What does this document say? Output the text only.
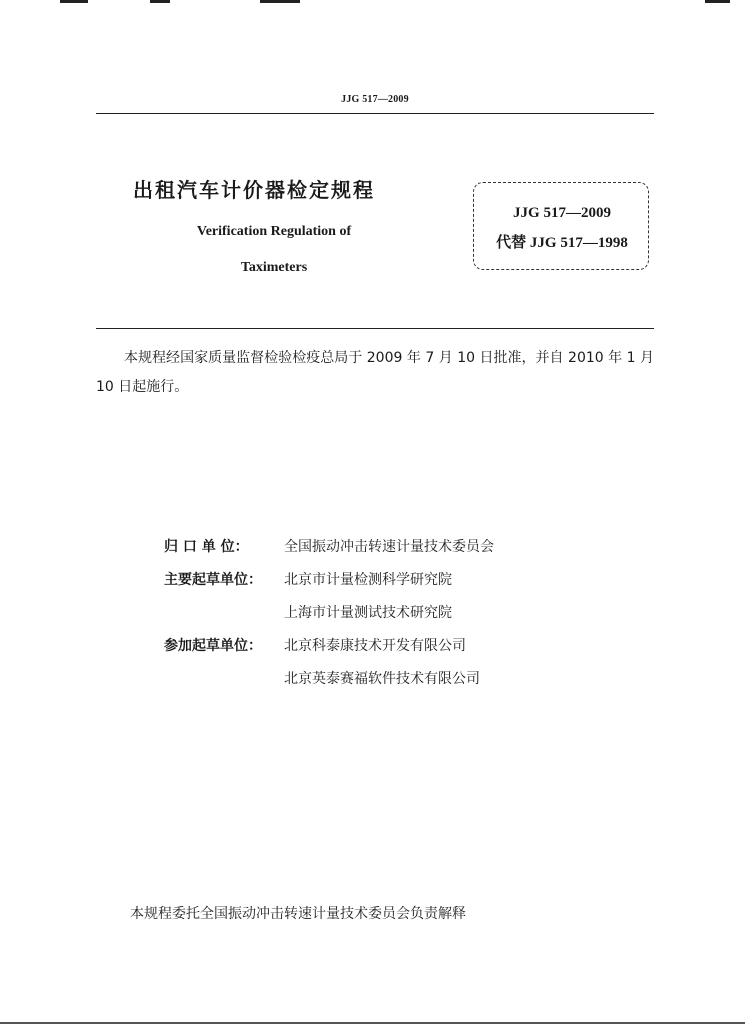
JJG 517—2009
出租汽车计价器检定规程
Verification Regulation of
Taximeters
JJG 517—2009
代替 JJG 517—1998
本规程经国家质量监督检验检疫总局于 2009 年 7 月 10 日批准，并自 2010 年 1 月 10 日起施行。
归 口 单 位：	全国振动冲击转速计量技术委员会
主要起草单位：	北京市计量检测科学研究院
上海市计量测试技术研究院
参加起草单位：	北京科泰康技术开发有限公司
北京英泰赛福软件技术有限公司
本规程委托全国振动冲击转速计量技术委员会负责解释
